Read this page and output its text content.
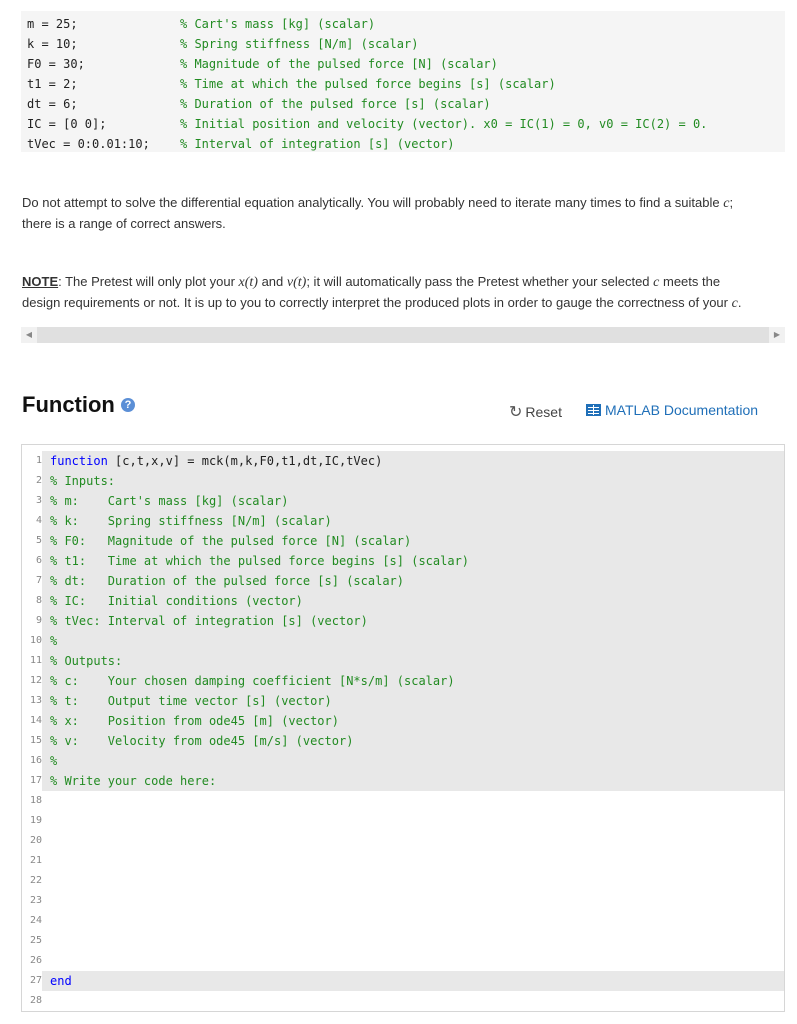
m = 25;	% Cart's mass [kg] (scalar)
k = 10;	% Spring stiffness [N/m] (scalar)
F0 = 30;	% Magnitude of the pulsed force [N] (scalar)
t1 = 2;	% Time at which the pulsed force begins [s] (scalar)
dt = 6;	% Duration of the pulsed force [s] (scalar)
IC = [0 0];	% Initial position and velocity (vector). x0 = IC(1) = 0, v0 = IC(2) = 0.
tVec = 0:0.01:10;	% Interval of integration [s] (vector)
Do not attempt to solve the differential equation analytically. You will probably need to iterate many times to find a suitable c; there is a range of correct answers.
NOTE: The Pretest will only plot your x(t) and v(t); it will automatically pass the Pretest whether your selected c meets the design requirements or not. It is up to you to correctly interpret the produced plots in order to gauge the correctness of your c.
◀	▶
Function ?	↻ Reset	MATLAB Documentation
1 function [c,t,x,v] = mck(m,k,F0,t1,dt,IC,tVec)
2 % Inputs:
3 % m:    Cart's mass [kg] (scalar)
4 % k:    Spring stiffness [N/m] (scalar)
5 % F0:   Magnitude of the pulsed force [N] (scalar)
6 % t1:   Time at which the pulsed force begins [s] (scalar)
7 % dt:   Duration of the pulsed force [s] (scalar)
8 % IC:   Initial conditions (vector)
9 % tVec: Interval of integration [s] (vector)
10 %
11 % Outputs:
12 % c:    Your chosen damping coefficient [N*s/m] (scalar)
13 % t:    Output time vector [s] (vector)
14 % x:    Position from ode45 [m] (vector)
15 % v:    Velocity from ode45 [m/s] (vector)
16 %
17 % Write your code here:
18
19
20
21
22
23
24
25
26
27 end
28
